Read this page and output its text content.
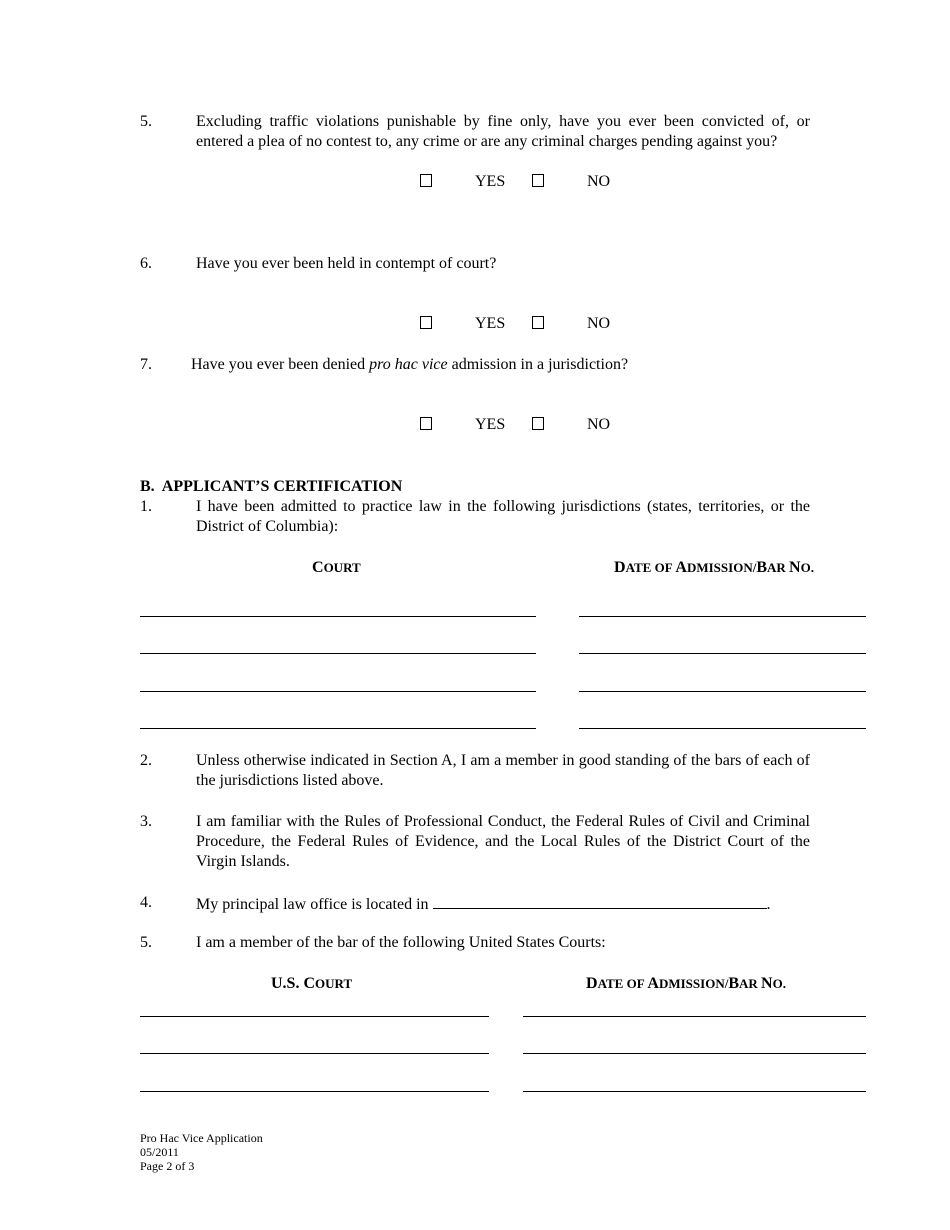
5.	Excluding traffic violations punishable by fine only, have you ever been convicted of, or entered a plea of no contest to, any crime or are any criminal charges pending against you?
YES	NO
6.	Have you ever been held in contempt of court?
YES	NO
7. Have you ever been denied pro hac vice admission in a jurisdiction?
YES	NO
B.  APPLICANT’S CERTIFICATION
1.	I have been admitted to practice law in the following jurisdictions (states, territories, or the District of Columbia):
COURT	DATE OF ADMISSION/BAR NO.
2.	Unless otherwise indicated in Section A, I am a member in good standing of the bars of each of the jurisdictions listed above.
3.	I am familiar with the Rules of Professional Conduct, the Federal Rules of Civil and Criminal Procedure, the Federal Rules of Evidence, and the Local Rules of the District Court of the Virgin Islands.
4.	My principal law office is located in	.
5.	I am a member of the bar of the following United States Courts:
U.S. COURT	DATE OF ADMISSION/BAR NO.
Pro Hac Vice Application
05/2011
Page 2 of 3
